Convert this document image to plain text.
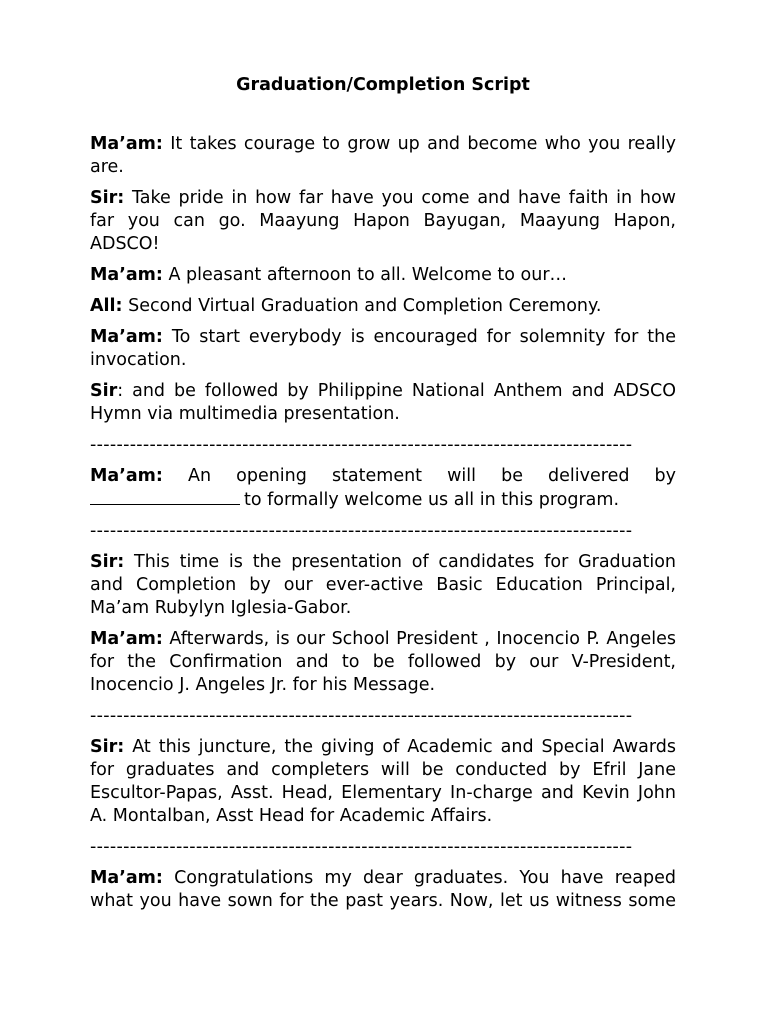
Graduation/Completion Script

Ma’am: It takes courage to grow up and become who you really are.

Sir: Take pride in how far have you come and have faith in how far you can go. Maayung Hapon Bayugan, Maayung Hapon, ADSCO!

Ma’am: A pleasant afternoon to all. Welcome to our…

All: Second Virtual Graduation and Completion Ceremony.

Ma’am: To start everybody is encouraged for solemnity for the invocation.

Sir: and be followed by Philippine National Anthem and ADSCO Hymn via multimedia presentation.

----------------------------------------------------------------------------------

Ma’am: An opening statement will be delivered by to formally welcome us all in this program.

----------------------------------------------------------------------------------

Sir: This time is the presentation of candidates for Graduation and Completion by our ever-active Basic Education Principal, Ma’am Rubylyn Iglesia-Gabor.

Ma’am: Afterwards, is our School President , Inocencio P. Angeles for the Confirmation and to be followed by our V-President, Inocencio J. Angeles Jr. for his Message.

----------------------------------------------------------------------------------

Sir: At this juncture, the giving of Academic and Special Awards for graduates and completers will be conducted by Efril Jane Escultor-Papas, Asst. Head, Elementary In-charge and Kevin John A. Montalban, Asst Head for Academic Affairs.

----------------------------------------------------------------------------------

Ma’am: Congratulations my dear graduates. You have reaped what you have sown for the past years. Now, let us witness some
